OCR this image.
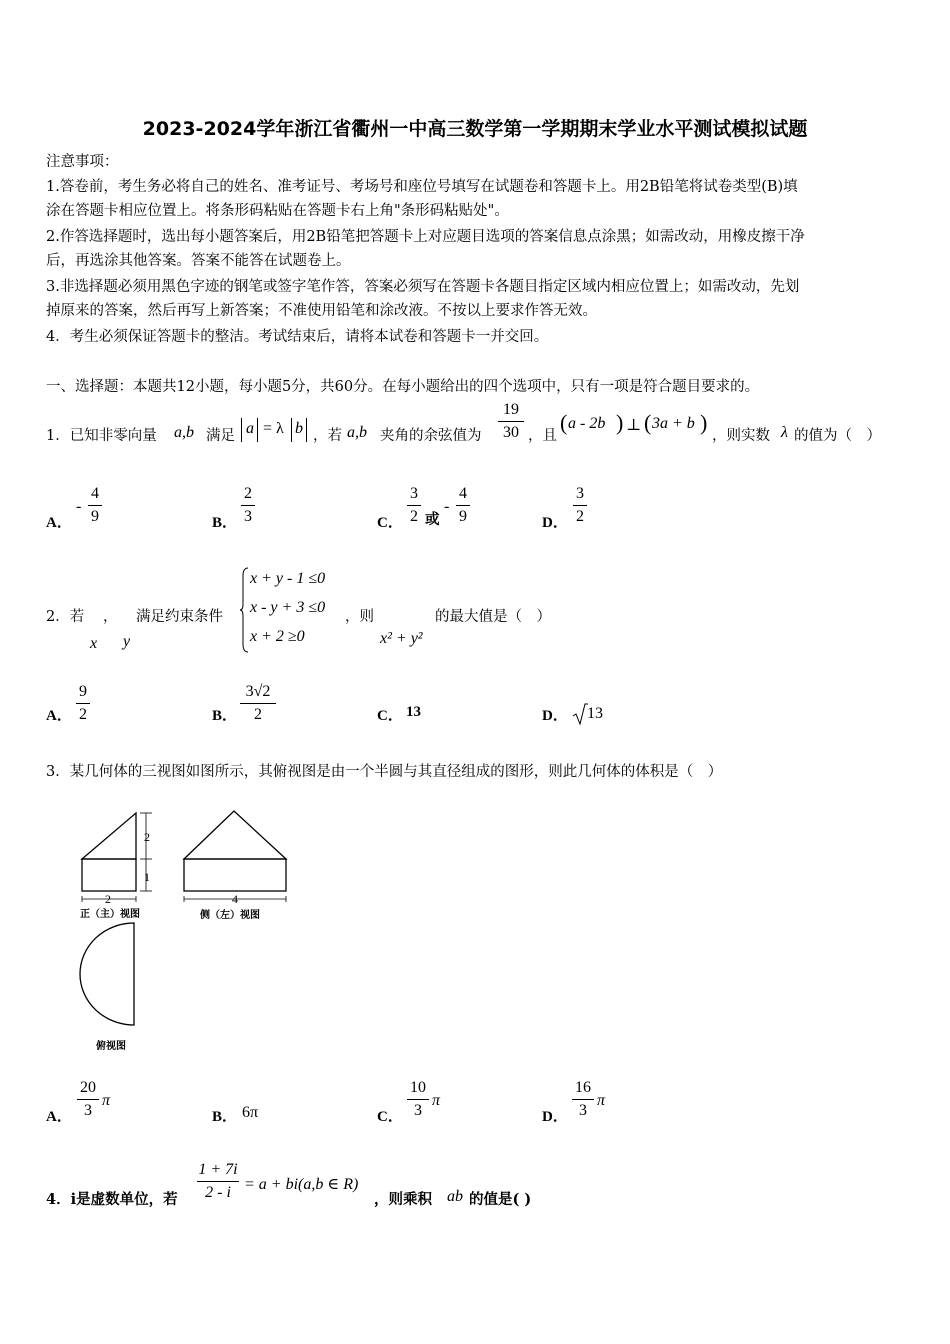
2023-2024学年浙江省衢州一中高三数学第一学期期末学业水平测试模拟试题
注意事项：
1.答卷前，考生务必将自己的姓名、准考证号、考场号和座位号填写在试题卷和答题卡上。用2B铅笔将试卷类型(B)填
涂在答题卡相应位置上。将条形码粘贴在答题卡右上角"条形码粘贴处"。
2.作答选择题时，选出每小题答案后，用2B铅笔把答题卡上对应题目选项的答案信息点涂黑；如需改动，用橡皮擦干净
后，再选涂其他答案。答案不能答在试题卷上。
3.非选择题必须用黑色字迹的钢笔或签字笔作答，答案必须写在答题卡各题目指定区域内相应位置上；如需改动，先划
掉原来的答案，然后再写上新答案；不准使用铅笔和涂改液。不按以上要求作答无效。
4．考生必须保证答题卡的整洁。考试结束后，请将本试卷和答题卡一并交回。
一、选择题：本题共12小题，每小题5分，共60分。在每小题给出的四个选项中，只有一项是符合题目要求的。
1．已知非零向量 a,b 满足 a = λ b ，若 a,b 夹角的余弦值为
19
30 ，且
( a - 2b ) ⊥ ( 3a + b )
，则实数 λ 的值为（　）
A．
-
4
9	B．
2
3	C．
3
2 或
-
4
9	D．
3
2
2．若 ，
x y
满足约束条件
x + y - 1 ≤0
x - y + 3 ≤0
x + 2 ≥0
，则
x² + y²
的最大值是（　）
A．
9
2	B．
3√2
2	C． 13	D． 13
3．某几何体的三视图如图所示，其俯视图是由一个半圆与其直径组成的图形，则此几何体的体积是（　）
2
1
2	4
正（主）视图	侧（左）视图
俯视图
A．
20
3
π
B． 6π	C．
10
3
π
D．
16
3
π
4．i是虚数单位，若
1 + 7i
2 - i = a + bi(a,b ∈ R)
，则乘积 ab 的值是( )
